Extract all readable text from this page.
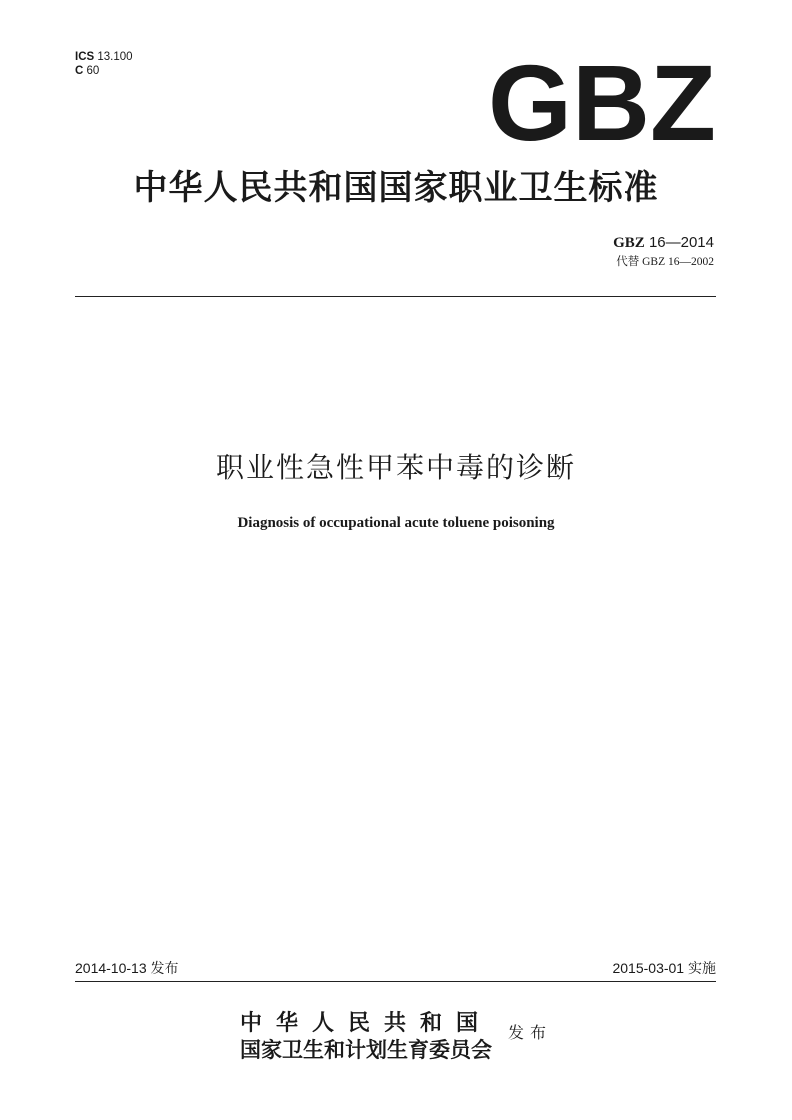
ICS 13.100
C 60	GBZ
中华人民共和国国家职业卫生标准
GBZ 16—2014
代替 GBZ 16—2002
职业性急性甲苯中毒的诊断
Diagnosis of occupational acute toluene poisoning
2014-10-13 发布	2015-03-01 实施
中华人民共和国
国家卫生和计划生育委员会
发布
